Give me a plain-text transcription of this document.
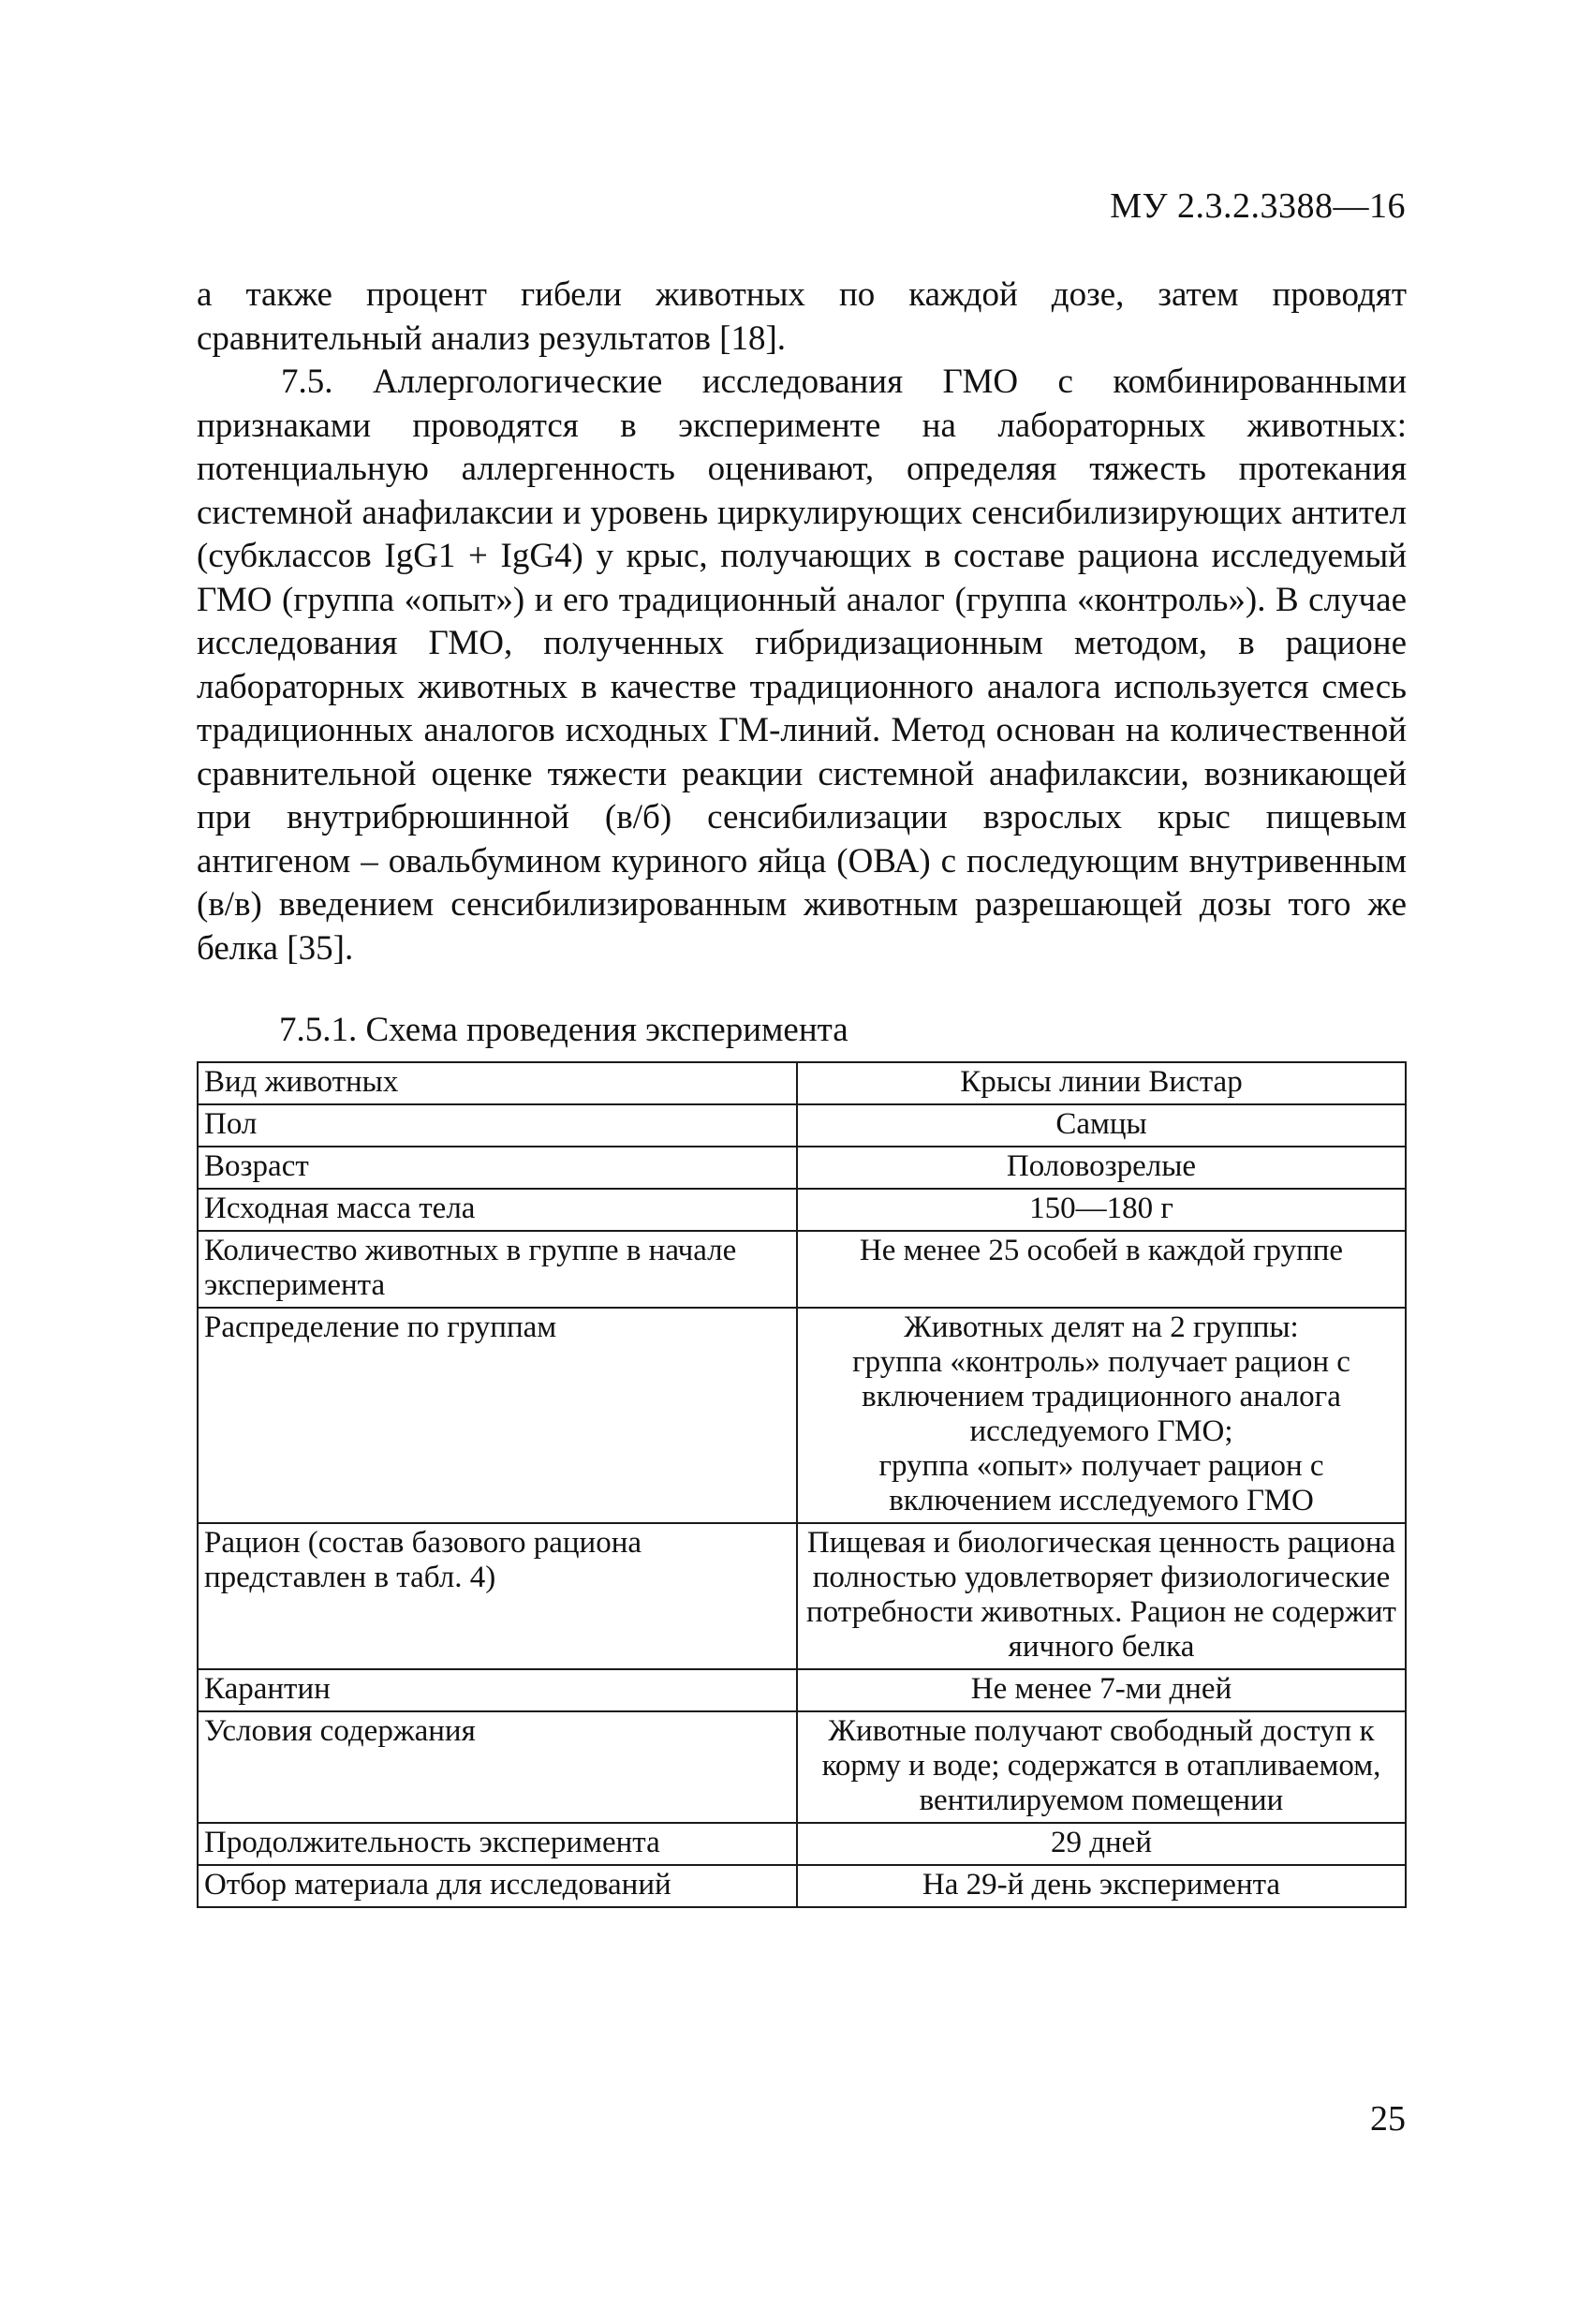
МУ 2.3.2.3388—16

а также процент гибели животных по каждой дозе, затем проводят сравнительный анализ результатов [18].

7.5. Аллергологические исследования ГМО с комбинированными признаками проводятся в эксперименте на лабораторных животных: потенциальную аллергенность оценивают, определяя тяжесть протекания системной анафилаксии и уровень циркулирующих сенсибилизирующих антител (субклассов IgG1 + IgG4) у крыс, получающих в составе рациона исследуемый ГМО (группа «опыт») и его традиционный аналог (группа «контроль»). В случае исследования ГМО, полученных гибридизационным методом, в рационе лабораторных животных в качестве традиционного аналога используется смесь традиционных аналогов исходных ГМ-линий. Метод основан на количественной сравнительной оценке тяжести реакции системной анафилаксии, возникающей при внутрибрюшинной (в/б) сенсибилизации взрослых крыс пищевым антигеном – овальбумином куриного яйца (ОВА) с последующим внутривенным (в/в) введением сенсибилизированным животным разрешающей дозы того же белка [35].

7.5.1. Схема проведения эксперимента
Вид животных	Крысы линии Вистар
Пол	Самцы
Возраст	Половозрелые
Исходная масса тела	150—180 г
Количество животных в группе в начале эксперимента	Не менее 25 особей в каждой группе
Распределение по группам	Животных делят на 2 группы:
группа «контроль» получает рацион с включением традиционного аналога исследуемого ГМО;
группа «опыт» получает рацион с включением исследуемого ГМО
Рацион (состав базового рациона представлен в табл. 4)	Пищевая и биологическая ценность рациона полностью удовлетворяет физиологические потребности животных. Рацион не содержит яичного белка
Карантин	Не менее 7-ми дней
Условия содержания	Животные получают свободный доступ к корму и воде; содержатся в отапливаемом, вентилируемом помещении
Продолжительность эксперимента	29 дней
Отбор материала для исследований	На 29-й день эксперимента
25
